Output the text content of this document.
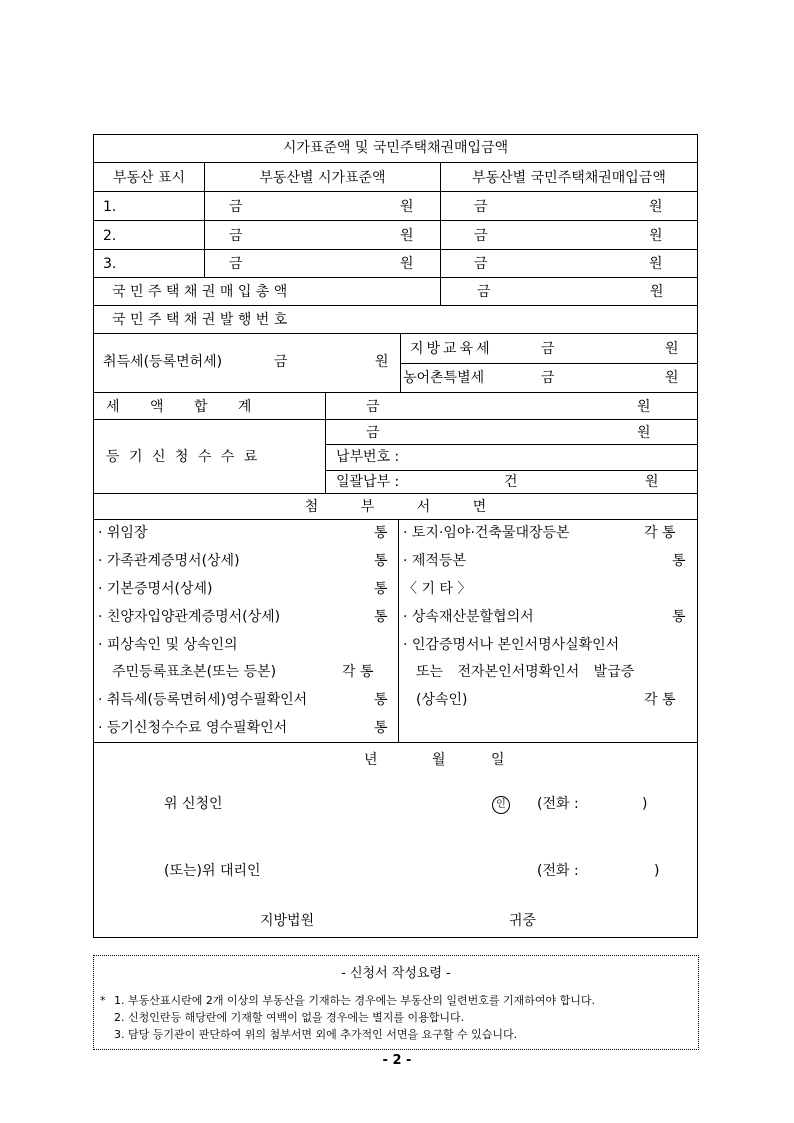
시가표준액 및 국민주택채권매입금액
부동산 표시	부동산별 시가표준액	부동산별 국민주택채권매입금액
1.	금	원	금	원
2.	금	원	금	원
3.	금	원	금	원
국 민 주 택 채 권 매 입 총 액	금	원
국 민 주 택 채 권 발 행 번 호
취득세(등록면허세)	금	원
지방교육세	금	원
농어촌특별세	금	원
세 액 합 계	금	원
등 기 신 청 수 수 료
금	원
납부번호 :
일괄납부 :	건	원
첨 부 서 면
· 위임장	통
· 가족관계증명서(상세)	통
· 기본증명서(상세)	통
· 친양자입양관계증명서(상세)	통
· 피상속인 및 상속인의
주민등록표초본(또는 등본)	각 통
· 취득세(등록면허세)영수필확인서	통
· 등기신청수수료 영수필확인서	통
· 토지·임야·건축물대장등본	각 통
· 제적등본	통
〈 기 타 〉
· 상속재산분할협의서	통
· 인감증명서나 본인서명사실확인서
또는 전자본인서명확인서 발급증
(상속인)	각 통
년	월	일
위 신청인	인 (전화 :	)
(또는)위 대리인	(전화 :	)
지방법원	귀중
- 신청서 작성요령 -
* 1. 부동산표시란에 2개 이상의 부동산을 기재하는 경우에는 부동산의 일련번호를 기재하여야 합니다.
2. 신청인란등 해당란에 기재할 여백이 없을 경우에는 별지를 이용합니다.
3. 담당 등기관이 판단하여 위의 첨부서면 외에 추가적인 서면을 요구할 수 있습니다.
- 2 -
